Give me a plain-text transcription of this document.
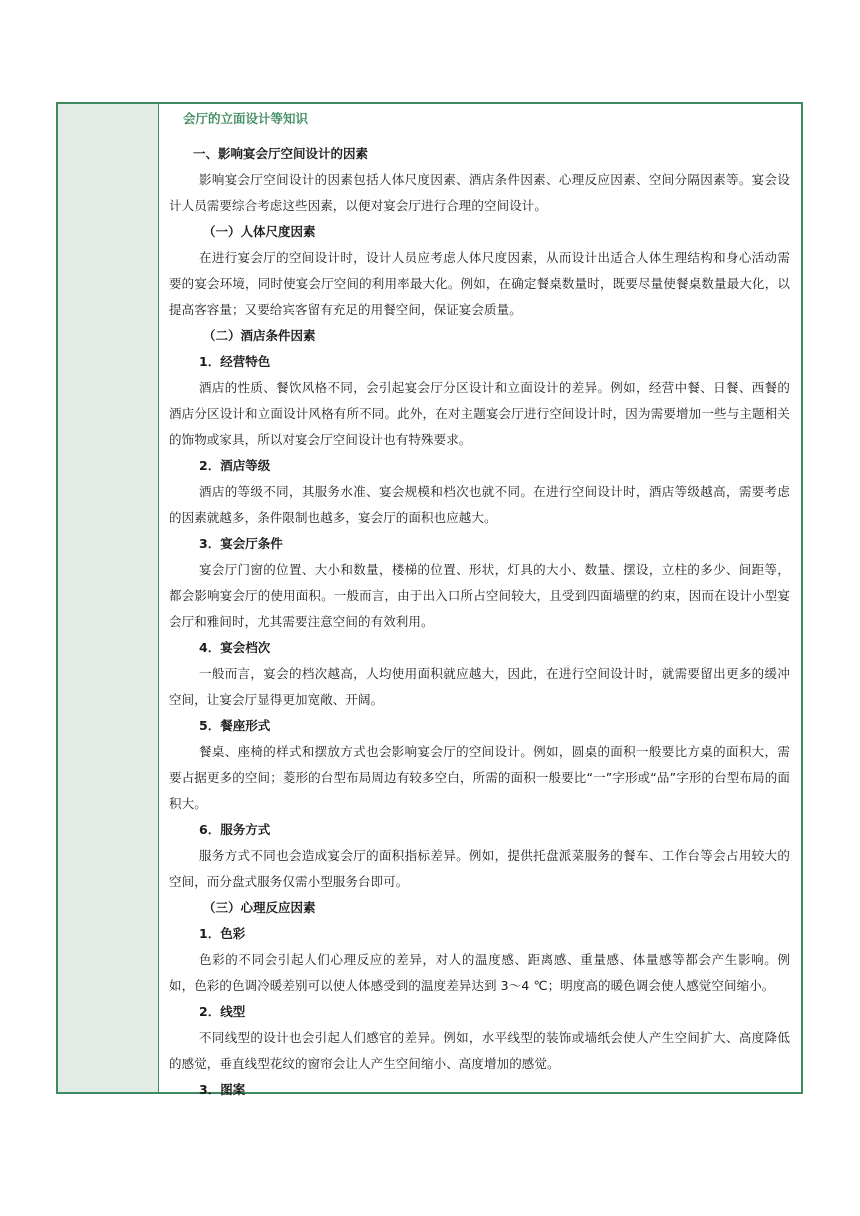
会厅的立面设计等知识
一、影响宴会厅空间设计的因素

影响宴会厅空间设计的因素包括人体尺度因素、酒店条件因素、心理反应因素、空间分隔因素等。宴会设计人员需要综合考虑这些因素，以便对宴会厅进行合理的空间设计。

（一）人体尺度因素

在进行宴会厅的空间设计时，设计人员应考虑人体尺度因素，从而设计出适合人体生理结构和身心活动需要的宴会环境，同时使宴会厅空间的利用率最大化。例如，在确定餐桌数量时，既要尽量使餐桌数量最大化，以提高客容量；又要给宾客留有充足的用餐空间，保证宴会质量。

（二）酒店条件因素
1．经营特色

酒店的性质、餐饮风格不同，会引起宴会厅分区设计和立面设计的差异。例如，经营中餐、日餐、西餐的酒店分区设计和立面设计风格有所不同。此外，在对主题宴会厅进行空间设计时，因为需要增加一些与主题相关的饰物或家具，所以对宴会厅空间设计也有特殊要求。

2．酒店等级

酒店的等级不同，其服务水准、宴会规模和档次也就不同。在进行空间设计时，酒店等级越高，需要考虑的因素就越多，条件限制也越多，宴会厅的面积也应越大。

3．宴会厅条件

宴会厅门窗的位置、大小和数量，楼梯的位置、形状，灯具的大小、数量、摆设，立柱的多少、间距等，都会影响宴会厅的使用面积。一般而言，由于出入口所占空间较大，且受到四面墙壁的约束，因而在设计小型宴会厅和雅间时，尤其需要注意空间的有效利用。

4．宴会档次

一般而言，宴会的档次越高，人均使用面积就应越大，因此，在进行空间设计时，就需要留出更多的缓冲空间，让宴会厅显得更加宽敞、开阔。

5．餐座形式

餐桌、座椅的样式和摆放方式也会影响宴会厅的空间设计。例如，圆桌的面积一般要比方桌的面积大，需要占据更多的空间；菱形的台型布局周边有较多空白，所需的面积一般要比“一”字形或“品”字形的台型布局的面积大。

6．服务方式

服务方式不同也会造成宴会厅的面积指标差异。例如，提供托盘派菜服务的餐车、工作台等会占用较大的空间，而分盘式服务仅需小型服务台即可。

（三）心理反应因素
1．色彩

色彩的不同会引起人们心理反应的差异，对人的温度感、距离感、重量感、体量感等都会产生影响。例如，色彩的色调冷暖差别可以使人体感受到的温度差异达到 3～4 ℃；明度高的暖色调会使人感觉空间缩小。

2．线型

不同线型的设计也会引起人们感官的差异。例如，水平线型的装饰或墙纸会使人产生空间扩大、高度降低的感觉，垂直线型花纹的窗帘会让人产生空间缩小、高度增加的感觉。

3．图案
